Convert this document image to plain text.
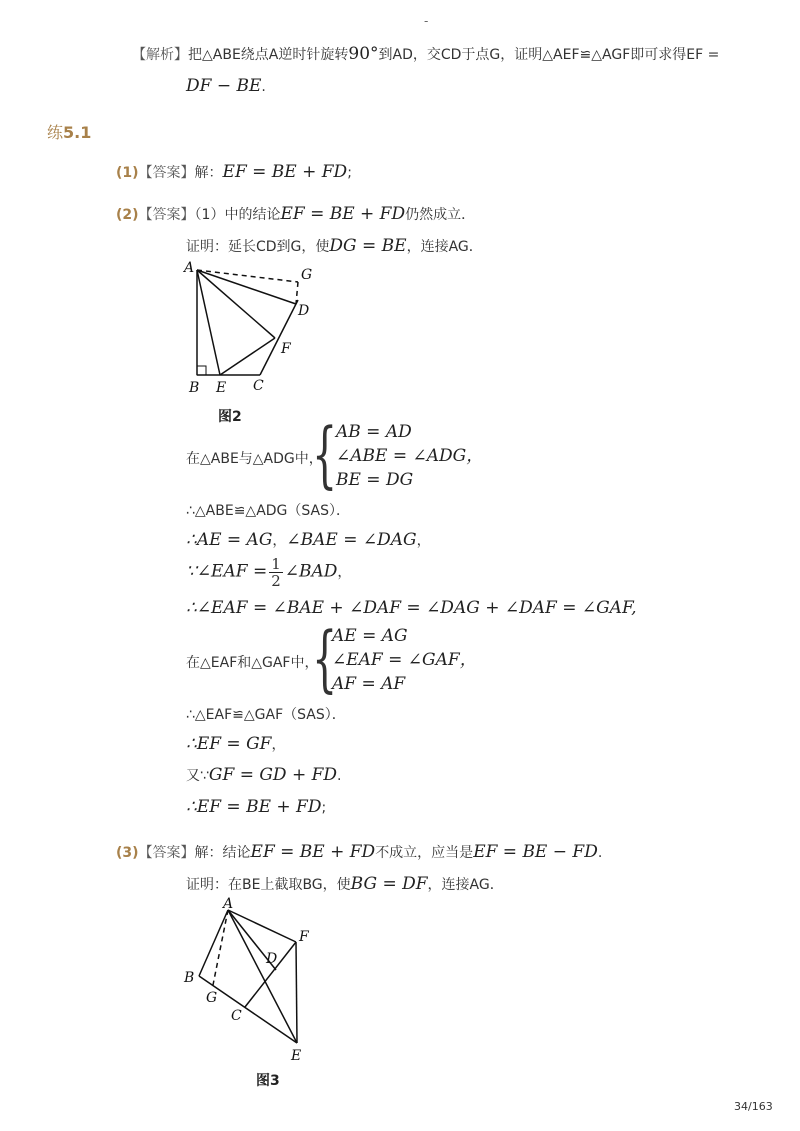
-
【解析】把△ABE绕点A逆时针旋转90°到AD，交CD于点G，证明△AEF≌△AGF即可求得EF =
DF − BE.
练5.1
(1)【答案】解：EF = BE + FD;
(2)【答案】（1）中的结论EF = BE + FD仍然成立．
证明：延长CD到G，使DG = BE，连接AG．
A	G
D
F
B E C
图2
在△ABE与△ADG中，
{
AB = AD
∠ABE = ∠ADG，
BE = DG
∴△ABE≌△ADG（SAS）．
∴AE = AG，∠BAE = ∠DAG，
∵∠EAF = $\frac{1}{2}$ ∠BAD，
∴∠EAF = ∠BAE + ∠DAF = ∠DAG + ∠DAF = ∠GAF,
在△EAF和△GAF中，
{
AE = AG
∠EAF = ∠GAF，
AF = AF
∴△EAF≌△GAF（SAS）．
∴EF = GF，
又∵GF = GD + FD.
∴EF = BE + FD;
(3)【答案】解：结论EF = BE + FD不成立，应当是EF = BE − FD.
证明：在BE上截取BG，使BG = DF，连接AG．
A
F
D
B
G
C
E
图3
34/163
